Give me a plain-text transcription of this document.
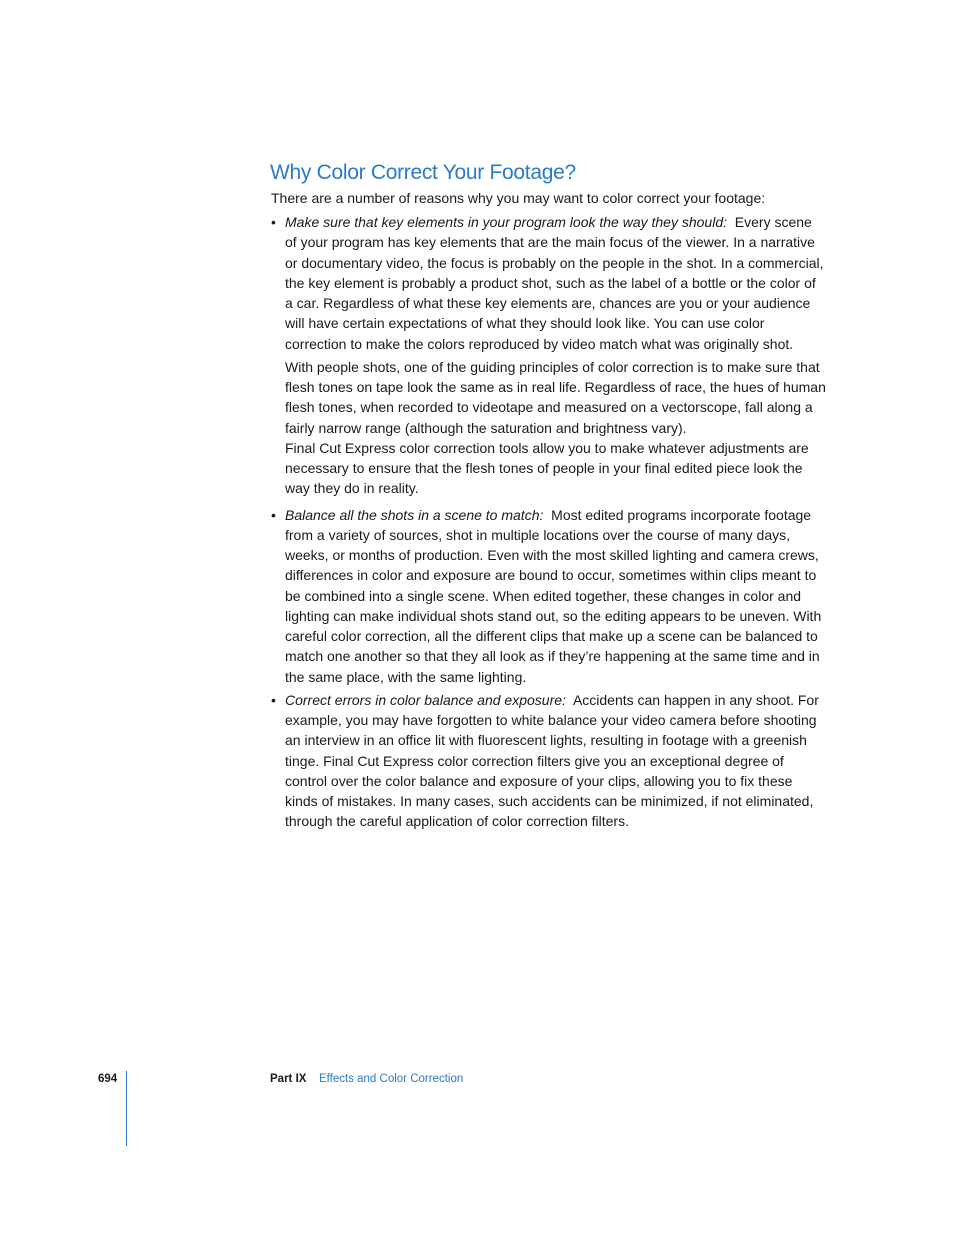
Why Color Correct Your Footage?

There are a number of reasons why you may want to color correct your footage:

• Make sure that key elements in your program look the way they should: Every scene of your program has key elements that are the main focus of the viewer. In a narrative or documentary video, the focus is probably on the people in the shot. In a commercial, the key element is probably a product shot, such as the label of a bottle or the color of a car. Regardless of what these key elements are, chances are you or your audience will have certain expectations of what they should look like. You can use color correction to make the colors reproduced by video match what was originally shot.

With people shots, one of the guiding principles of color correction is to make sure that flesh tones on tape look the same as in real life. Regardless of race, the hues of human flesh tones, when recorded to videotape and measured on a vectorscope, fall along a fairly narrow range (although the saturation and brightness vary).

Final Cut Express color correction tools allow you to make whatever adjustments are necessary to ensure that the flesh tones of people in your final edited piece look the way they do in reality.

• Balance all the shots in a scene to match: Most edited programs incorporate footage from a variety of sources, shot in multiple locations over the course of many days, weeks, or months of production. Even with the most skilled lighting and camera crews, differences in color and exposure are bound to occur, sometimes within clips meant to be combined into a single scene. When edited together, these changes in color and lighting can make individual shots stand out, so the editing appears to be uneven. With careful color correction, all the different clips that make up a scene can be balanced to match one another so that they all look as if they’re happening at the same time and in the same place, with the same lighting.

• Correct errors in color balance and exposure: Accidents can happen in any shoot. For example, you may have forgotten to white balance your video camera before shooting an interview in an office lit with fluorescent lights, resulting in footage with a greenish tinge. Final Cut Express color correction filters give you an exceptional degree of control over the color balance and exposure of your clips, allowing you to fix these kinds of mistakes. In many cases, such accidents can be minimized, if not eliminated, through the careful application of color correction filters.

694	Part IX Effects and Color Correction
